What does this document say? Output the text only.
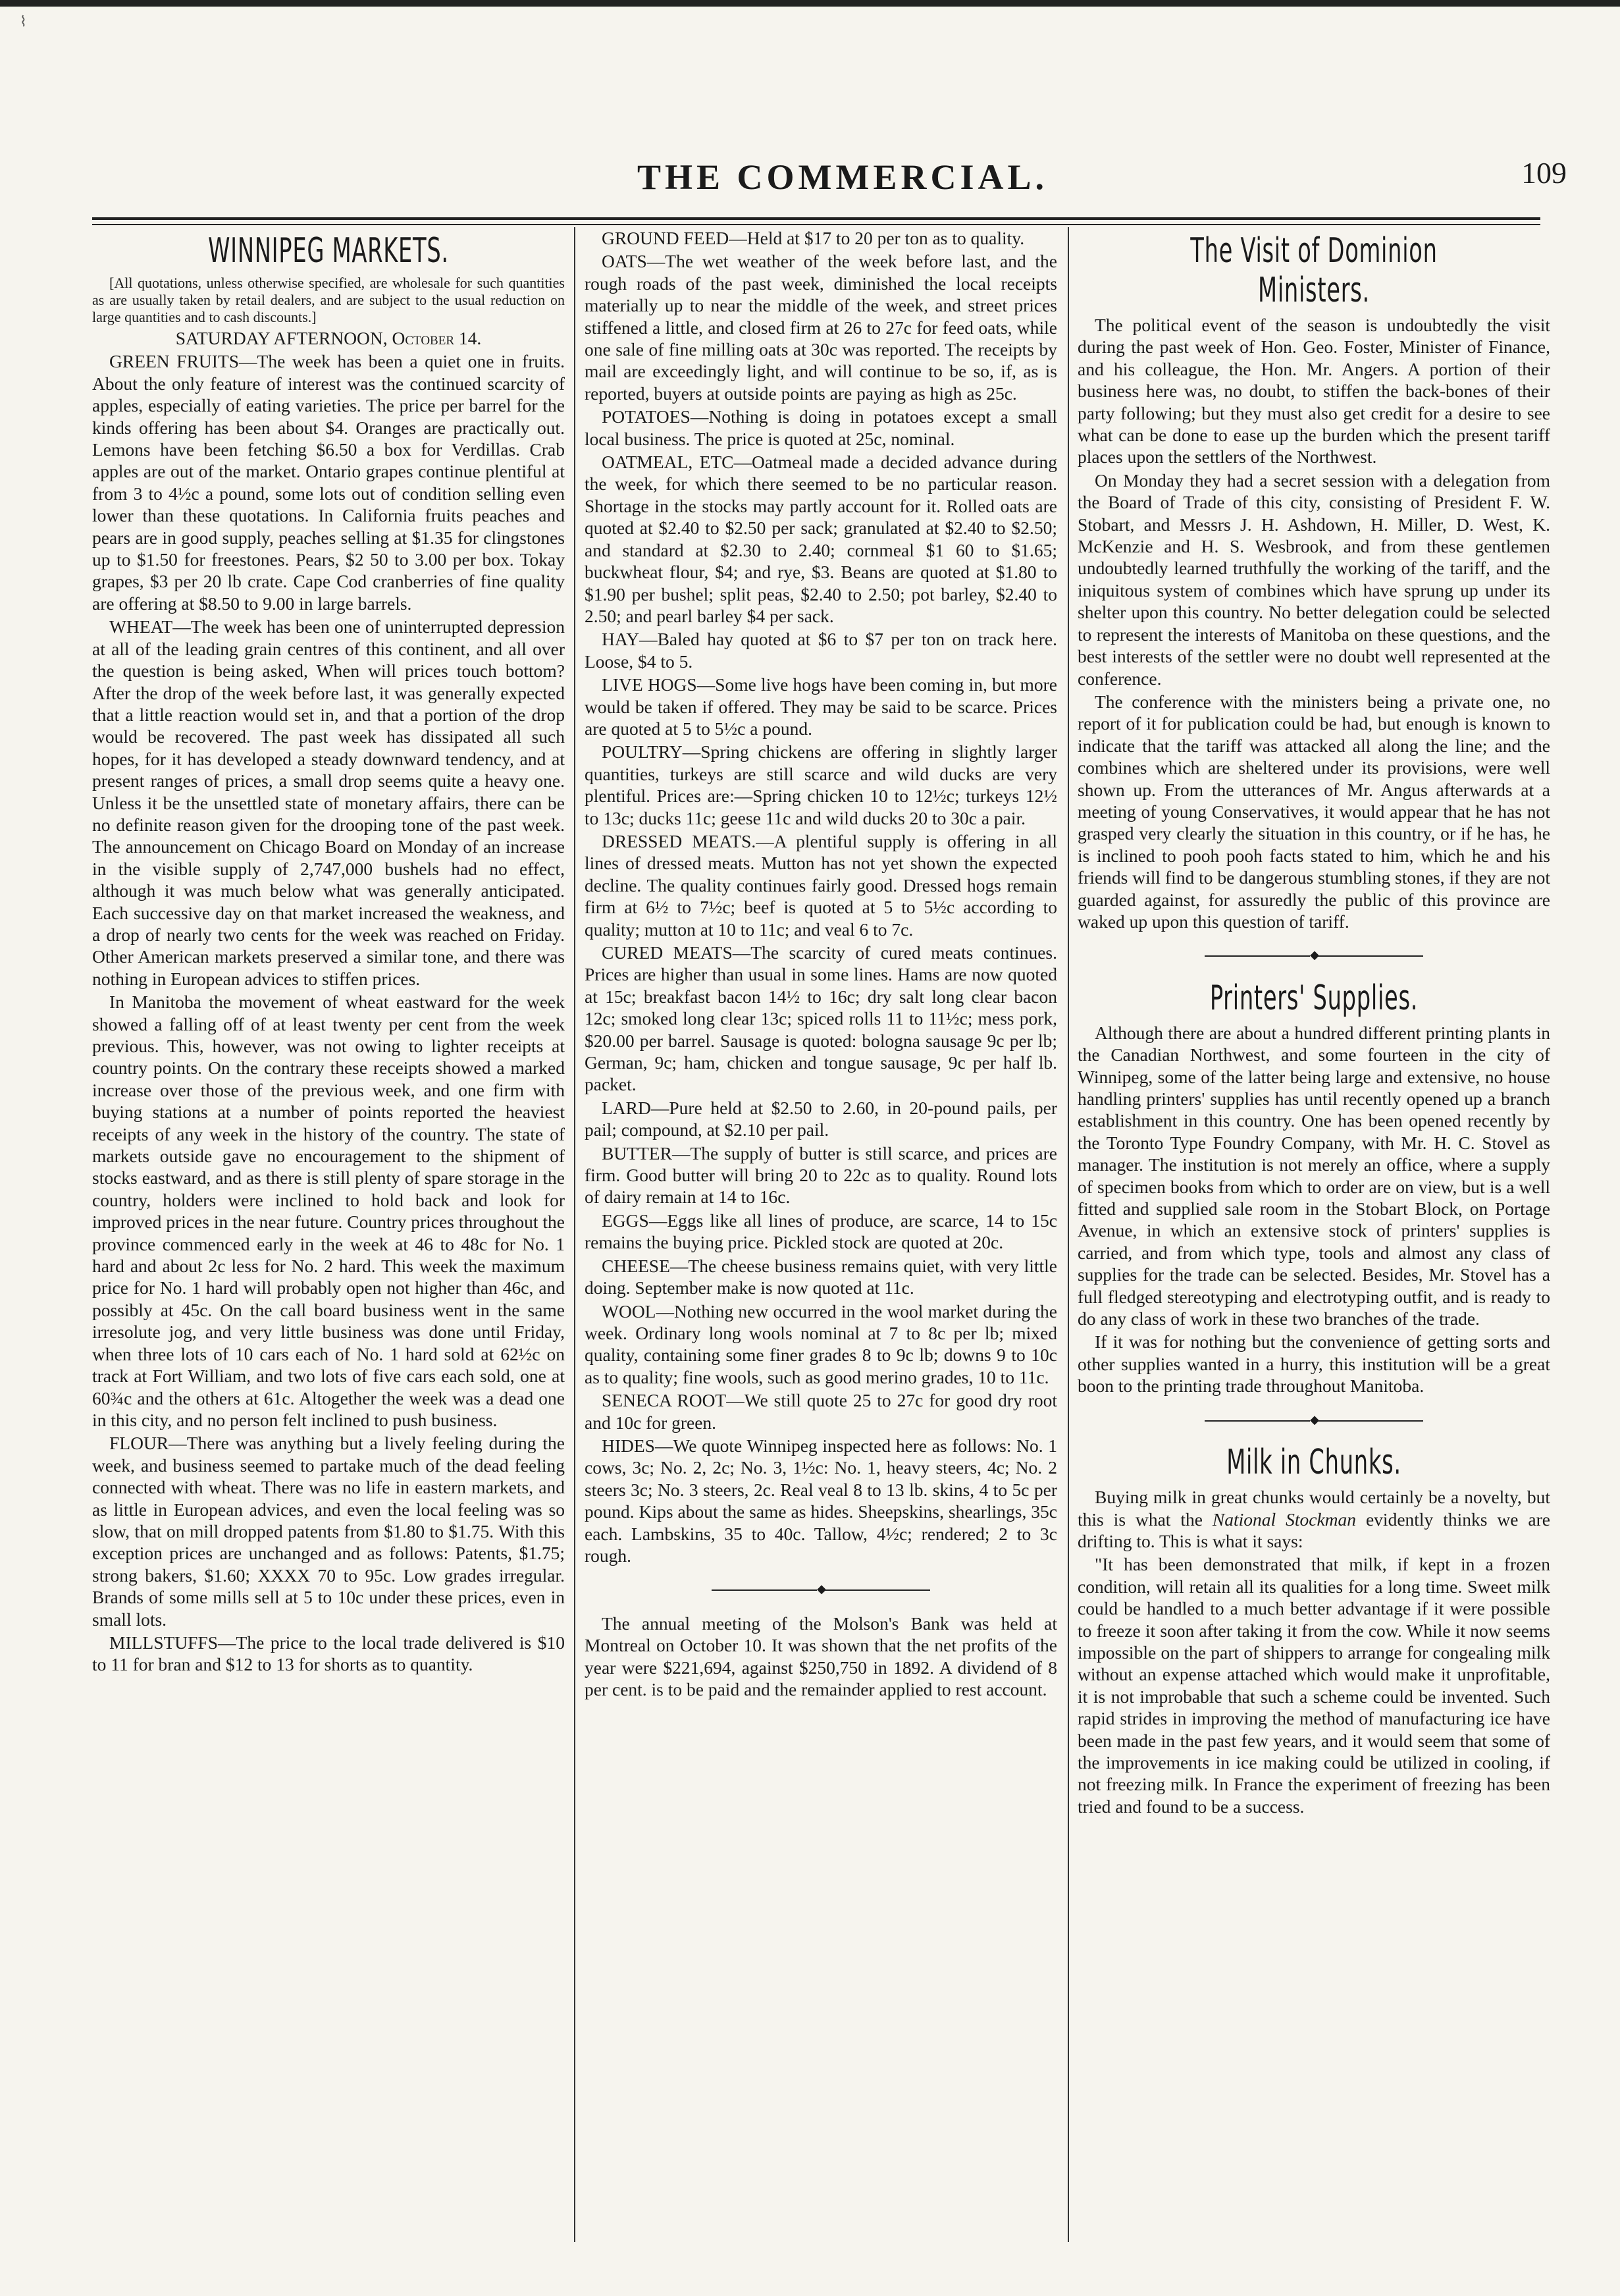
⌇
THE COMMERCIAL.	109
WINNIPEG MARKETS.

[All quotations, unless otherwise specified, are wholesale for such quantities as are usually taken by retail dealers, and are subject to the usual reduction on large quantities and to cash discounts.]

SATURDAY AFTERNOON, October 14.

GREEN FRUITS—The week has been a quiet one in fruits. About the only feature of interest was the continued scarcity of apples, especially of eating varieties. The price per barrel for the kinds offering has been about $4. Oranges are practically out. Lemons have been fetching $6.50 a box for Verdillas. Crab apples are out of the market. Ontario grapes continue plentiful at from 3 to 4½c a pound, some lots out of condition selling even lower than these quotations. In California fruits peaches and pears are in good supply, peaches selling at $1.35 for clingstones up to $1.50 for freestones. Pears, $2 50 to 3.00 per box. Tokay grapes, $3 per 20 lb crate. Cape Cod cranberries of fine quality are offering at $8.50 to 9.00 in large barrels.

WHEAT—The week has been one of uninterrupted depression at all of the leading grain centres of this continent, and all over the question is being asked, When will prices touch bottom? After the drop of the week before last, it was generally expected that a little reaction would set in, and that a portion of the drop would be recovered. The past week has dissipated all such hopes, for it has developed a steady downward tendency, and at present ranges of prices, a small drop seems quite a heavy one. Unless it be the unsettled state of monetary affairs, there can be no definite reason given for the drooping tone of the past week. The announcement on Chicago Board on Monday of an increase in the visible supply of 2,747,000 bushels had no effect, although it was much below what was generally anticipated. Each successive day on that market increased the weakness, and a drop of nearly two cents for the week was reached on Friday. Other American markets preserved a similar tone, and there was nothing in European advices to stiffen prices.

In Manitoba the movement of wheat eastward for the week showed a falling off of at least twenty per cent from the week previous. This, however, was not owing to lighter receipts at country points. On the contrary these receipts showed a marked increase over those of the previous week, and one firm with buying stations at a number of points reported the heaviest receipts of any week in the history of the country. The state of markets outside gave no encouragement to the shipment of stocks eastward, and as there is still plenty of spare storage in the country, holders were inclined to hold back and look for improved prices in the near future. Country prices throughout the province commenced early in the week at 46 to 48c for No. 1 hard and about 2c less for No. 2 hard. This week the maximum price for No. 1 hard will probably open not higher than 46c, and possibly at 45c. On the call board business went in the same irresolute jog, and very little business was done until Friday, when three lots of 10 cars each of No. 1 hard sold at 62½c on track at Fort William, and two lots of five cars each sold, one at 60¾c and the others at 61c. Altogether the week was a dead one in this city, and no person felt inclined to push business.

FLOUR—There was anything but a lively feeling during the week, and business seemed to partake much of the dead feeling connected with wheat. There was no life in eastern markets, and as little in European advices, and even the local feeling was so slow, that on mill dropped patents from $1.80 to $1.75. With this exception prices are unchanged and as follows: Patents, $1.75; strong bakers, $1.60; XXXX 70 to 95c. Low grades irregular. Brands of some mills sell at 5 to 10c under these prices, even in small lots.

MILLSTUFFS—The price to the local trade delivered is $10 to 11 for bran and $12 to 13 for shorts as to quantity.

GROUND FEED—Held at $17 to 20 per ton as to quality.

OATS—The wet weather of the week before last, and the rough roads of the past week, diminished the local receipts materially up to near the middle of the week, and street prices stiffened a little, and closed firm at 26 to 27c for feed oats, while one sale of fine milling oats at 30c was reported. The receipts by mail are exceedingly light, and will continue to be so, if, as is reported, buyers at outside points are paying as high as 25c.

POTATOES—Nothing is doing in potatoes except a small local business. The price is quoted at 25c, nominal.

OATMEAL, ETC—Oatmeal made a decided advance during the week, for which there seemed to be no particular reason. Shortage in the stocks may partly account for it. Rolled oats are quoted at $2.40 to $2.50 per sack; granulated at $2.40 to $2.50; and standard at $2.30 to 2.40; cornmeal $1 60 to $1.65; buckwheat flour, $4; and rye, $3. Beans are quoted at $1.80 to $1.90 per bushel; split peas, $2.40 to 2.50; pot barley, $2.40 to 2.50; and pearl barley $4 per sack.

HAY—Baled hay quoted at $6 to $7 per ton on track here. Loose, $4 to 5.

LIVE HOGS—Some live hogs have been coming in, but more would be taken if offered. They may be said to be scarce. Prices are quoted at 5 to 5½c a pound.

POULTRY—Spring chickens are offering in slightly larger quantities, turkeys are still scarce and wild ducks are very plentiful. Prices are:—Spring chicken 10 to 12½c; turkeys 12½ to 13c; ducks 11c; geese 11c and wild ducks 20 to 30c a pair.

DRESSED MEATS.—A plentiful supply is offering in all lines of dressed meats. Mutton has not yet shown the expected decline. The quality continues fairly good. Dressed hogs remain firm at 6½ to 7½c; beef is quoted at 5 to 5½c according to quality; mutton at 10 to 11c; and veal 6 to 7c.

CURED MEATS—The scarcity of cured meats continues. Prices are higher than usual in some lines. Hams are now quoted at 15c; breakfast bacon 14½ to 16c; dry salt long clear bacon 12c; smoked long clear 13c; spiced rolls 11 to 11½c; mess pork, $20.00 per barrel. Sausage is quoted: bologna sausage 9c per lb; German, 9c; ham, chicken and tongue sausage, 9c per half lb. packet.

LARD—Pure held at $2.50 to 2.60, in 20-pound pails, per pail; compound, at $2.10 per pail.

BUTTER—The supply of butter is still scarce, and prices are firm. Good butter will bring 20 to 22c as to quality. Round lots of dairy remain at 14 to 16c.

EGGS—Eggs like all lines of produce, are scarce, 14 to 15c remains the buying price. Pickled stock are quoted at 20c.

CHEESE—The cheese business remains quiet, with very little doing. September make is now quoted at 11c.

WOOL—Nothing new occurred in the wool market during the week. Ordinary long wools nominal at 7 to 8c per lb; mixed quality, containing some finer grades 8 to 9c lb; downs 9 to 10c as to quality; fine wools, such as good merino grades, 10 to 11c.

SENECA ROOT—We still quote 25 to 27c for good dry root and 10c for green.

HIDES—We quote Winnipeg inspected here as follows: No. 1 cows, 3c; No. 2, 2c; No. 3, 1½c: No. 1, heavy steers, 4c; No. 2 steers 3c; No. 3 steers, 2c. Real veal 8 to 13 lb. skins, 4 to 5c per pound. Kips about the same as hides. Sheepskins, shearlings, 35c each. Lambskins, 35 to 40c. Tallow, 4½c; rendered; 2 to 3c rough.

◆

The annual meeting of the Molson's Bank was held at Montreal on October 10. It was shown that the net profits of the year were $221,694, against $250,750 in 1892. A dividend of 8 per cent. is to be paid and the remainder applied to rest account.

The Visit of Dominion Ministers.

The political event of the season is undoubtedly the visit during the past week of Hon. Geo. Foster, Minister of Finance, and his colleague, the Hon. Mr. Angers. A portion of their business here was, no doubt, to stiffen the back-bones of their party following; but they must also get credit for a desire to see what can be done to ease up the burden which the present tariff places upon the settlers of the Northwest.

On Monday they had a secret session with a delegation from the Board of Trade of this city, consisting of President F. W. Stobart, and Messrs J. H. Ashdown, H. Miller, D. West, K. McKenzie and H. S. Wesbrook, and from these gentlemen undoubtedly learned truthfully the working of the tariff, and the iniquitous system of combines which have sprung up under its shelter upon this country. No better delegation could be selected to represent the interests of Manitoba on these questions, and the best interests of the settler were no doubt well represented at the conference.

The conference with the ministers being a private one, no report of it for publication could be had, but enough is known to indicate that the tariff was attacked all along the line; and the combines which are sheltered under its provisions, were well shown up. From the utterances of Mr. Angus afterwards at a meeting of young Conservatives, it would appear that he has not grasped very clearly the situation in this country, or if he has, he is inclined to pooh pooh facts stated to him, which he and his friends will find to be dangerous stumbling stones, if they are not guarded against, for assuredly the public of this province are waked up upon this question of tariff.

◆
Printers' Supplies.

Although there are about a hundred different printing plants in the Canadian Northwest, and some fourteen in the city of Winnipeg, some of the latter being large and extensive, no house handling printers' supplies has until recently opened up a branch establishment in this country. One has been opened recently by the Toronto Type Foundry Company, with Mr. H. C. Stovel as manager. The institution is not merely an office, where a supply of specimen books from which to order are on view, but is a well fitted and supplied sale room in the Stobart Block, on Portage Avenue, in which an extensive stock of printers' supplies is carried, and from which type, tools and almost any class of supplies for the trade can be selected. Besides, Mr. Stovel has a full fledged stereotyping and electrotyping outfit, and is ready to do any class of work in these two branches of the trade.

If it was for nothing but the convenience of getting sorts and other supplies wanted in a hurry, this institution will be a great boon to the printing trade throughout Manitoba.

◆
Milk in Chunks.

Buying milk in great chunks would certainly be a novelty, but this is what the National Stockman evidently thinks we are drifting to. This is what it says:

"It has been demonstrated that milk, if kept in a frozen condition, will retain all its qualities for a long time. Sweet milk could be handled to a much better advantage if it were possible to freeze it soon after taking it from the cow. While it now seems impossible on the part of shippers to arrange for congealing milk without an expense attached which would make it unprofitable, it is not improbable that such a scheme could be invented. Such rapid strides in improving the method of manufacturing ice have been made in the past few years, and it would seem that some of the improvements in ice making could be utilized in cooling, if not freezing milk. In France the experiment of freezing has been tried and found to be a success.
